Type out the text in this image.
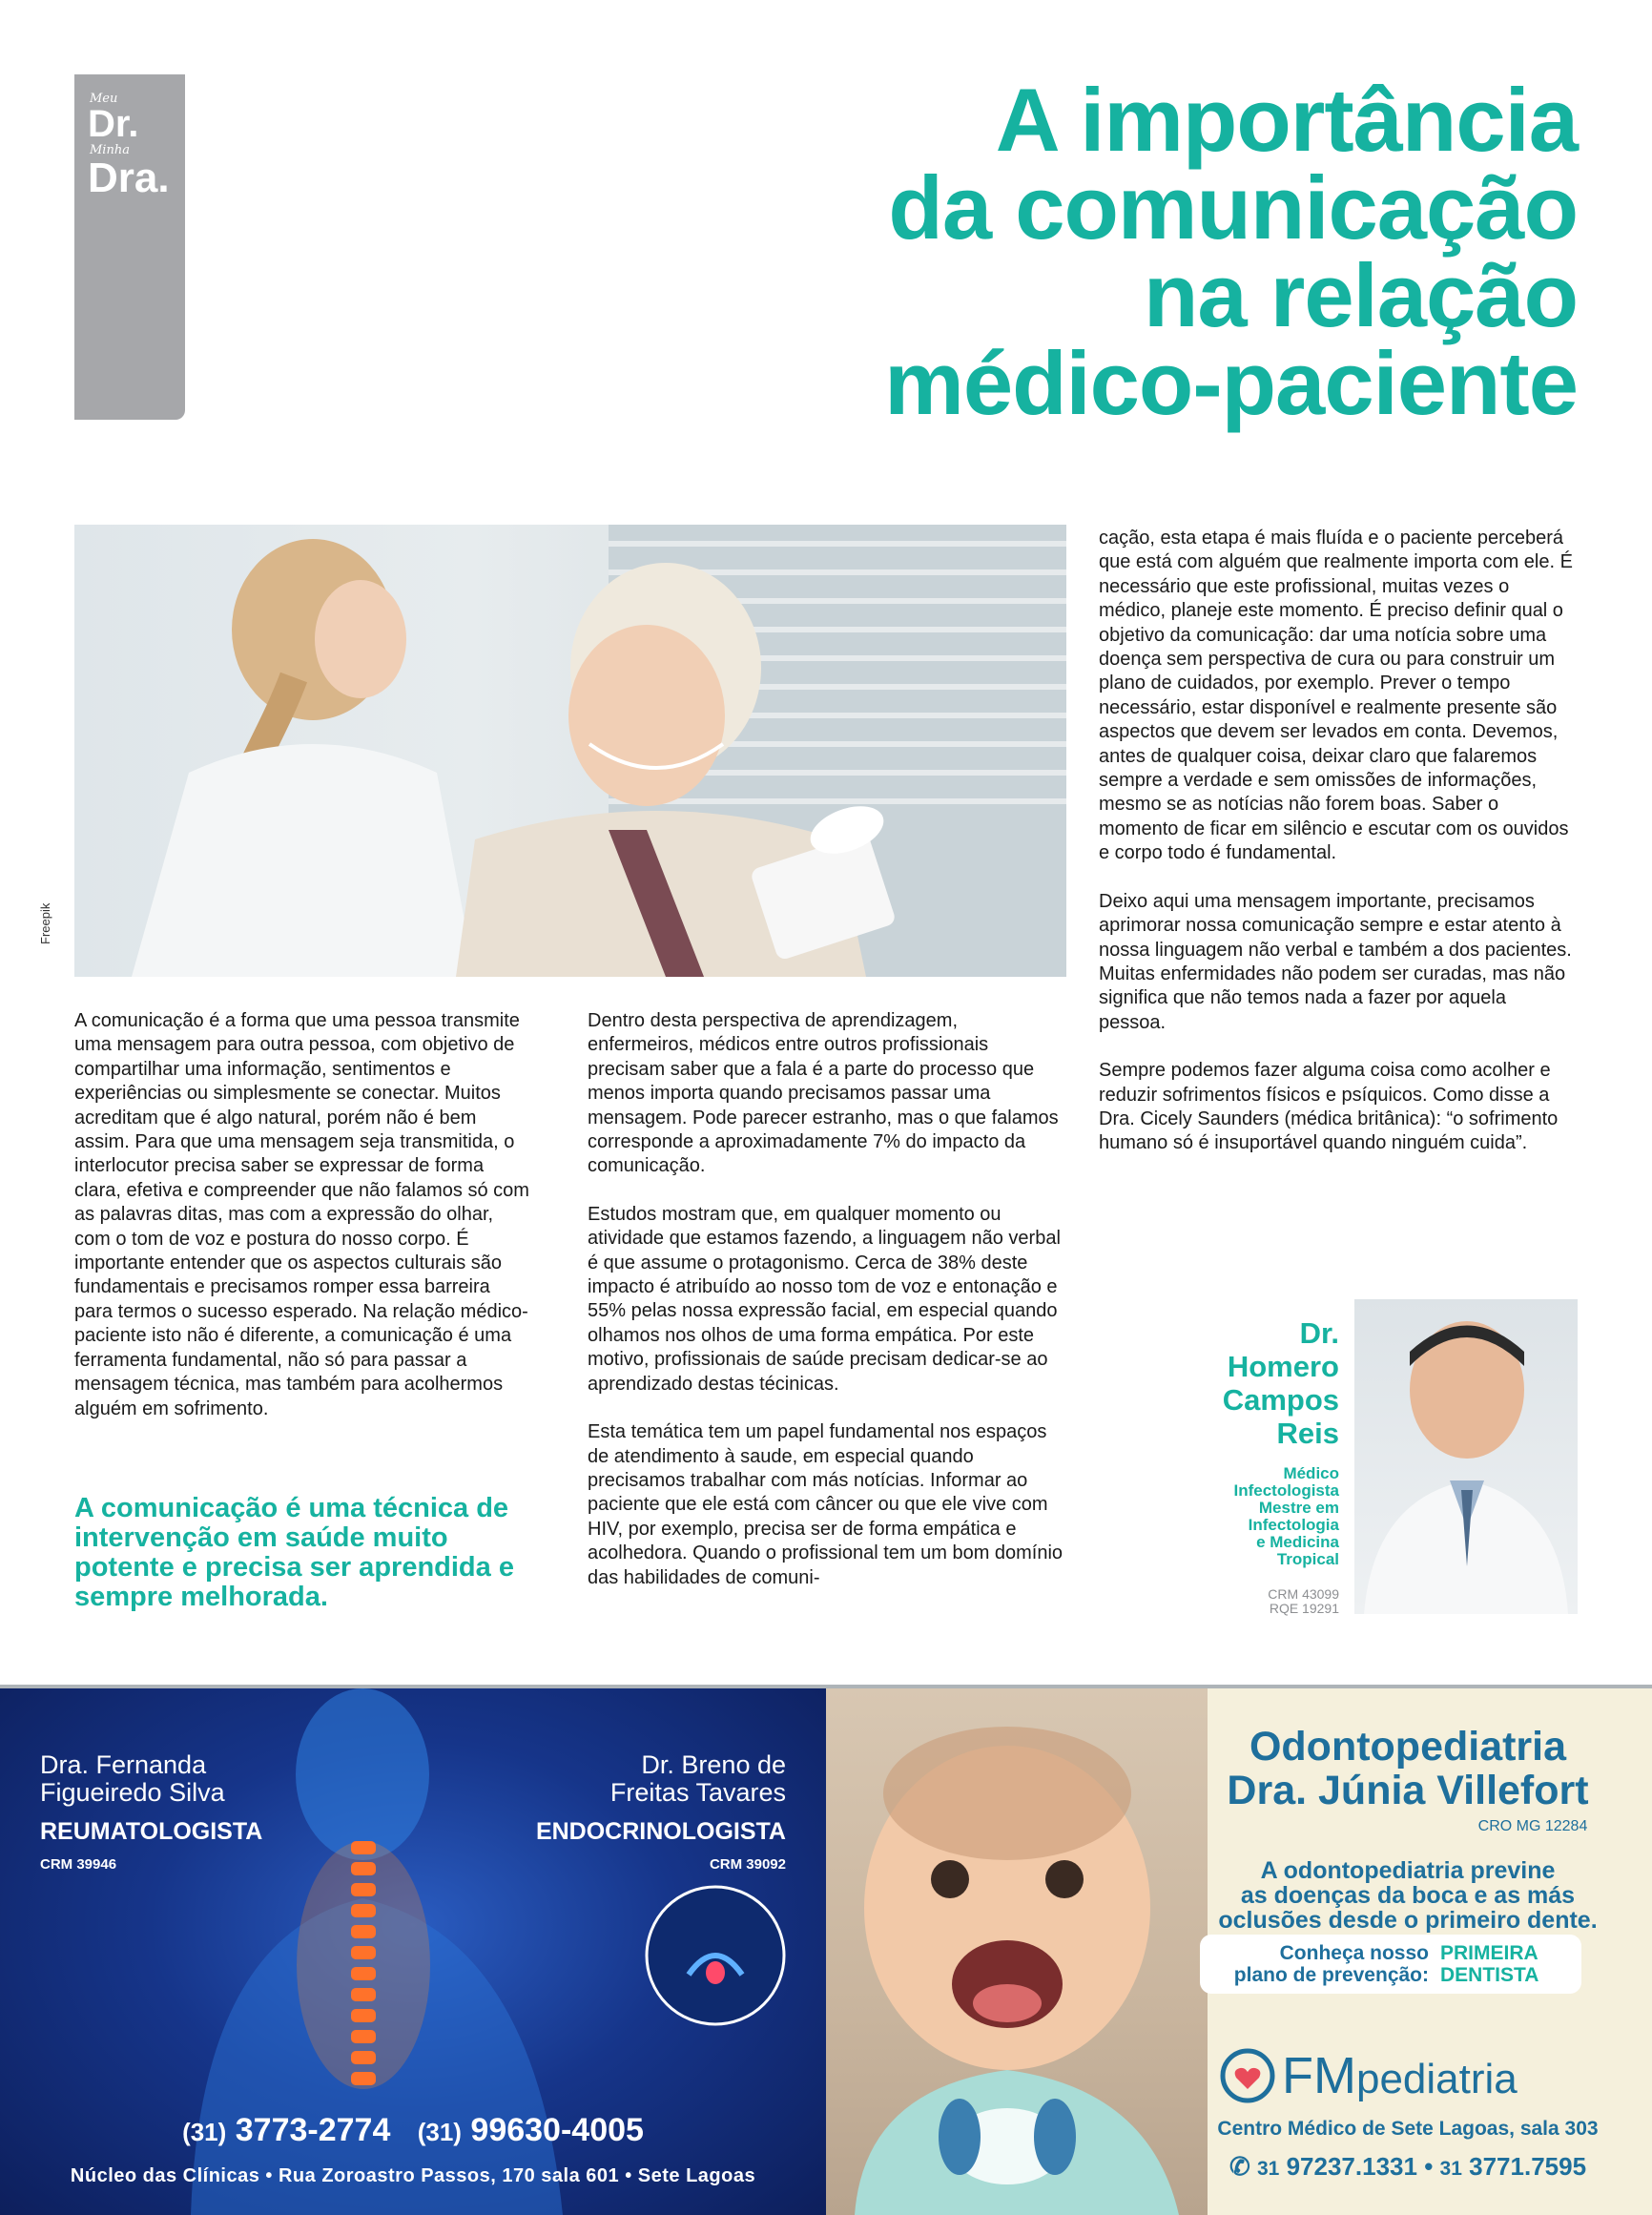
Meu
Dr.
Minha
Dra.
A importância
da comunicação
na relação
médico-paciente
Freepik

A comunicação é a forma que uma pessoa transmite uma mensagem para outra pessoa, com objetivo de compartilhar uma informação, sentimentos e experiências ou simplesmente se conectar. Muitos acreditam que é algo natural, porém não é bem assim. Para que uma mensagem seja transmitida, o interlocutor precisa saber se expressar de forma clara, efetiva e compreender que não falamos só com as palavras ditas, mas com a expressão do olhar, com o tom de voz e postura do nosso corpo. É importante entender que os aspectos culturais são fundamentais e precisamos romper essa barreira para termos o sucesso esperado. Na relação médico-paciente isto não é diferente, a comunicação é uma ferramenta fundamental, não só para passar a mensagem técnica, mas também para acolhermos alguém em sofrimento.

A comunicação é uma técnica de intervenção em saúde muito potente e precisa ser aprendida e sempre melhorada.

Dentro desta perspectiva de aprendizagem, enfermeiros, médicos entre outros profissionais precisam saber que a fala é a parte do processo que menos importa quando precisamos passar uma mensagem. Pode parecer estranho, mas o que falamos corresponde a aproximadamente 7% do impacto da comunicação.

Estudos mostram que, em qualquer momento ou atividade que estamos fazendo, a linguagem não verbal é que assume o protagonismo. Cerca de 38% deste impacto é atribuído ao nosso tom de voz e entonação e 55% pelas nossa expressão facial, em especial quando olhamos nos olhos de uma forma empática. Por este motivo, profissionais de saúde precisam dedicar-se ao aprendizado destas técinicas.

Esta temática tem um papel fundamental nos espaços de atendimento à saude, em especial quando precisamos trabalhar com más notícias. Informar ao paciente que ele está com câncer ou que ele vive com HIV, por exemplo, precisa ser de forma empática e acolhedora. Quando o profissional tem um bom domínio das habilidades de comuni-

cação, esta etapa é mais fluída e o paciente perceberá que está com alguém que realmente importa com ele. É necessário que este profissional, muitas vezes o médico, planeje este momento. É preciso definir qual o objetivo da comunicação: dar uma notícia sobre uma doença sem perspectiva de cura ou para construir um plano de cuidados, por exemplo. Prever o tempo necessário, estar disponível e realmente presente são aspectos que devem ser levados em conta. Devemos, antes de qualquer coisa, deixar claro que falaremos sempre a verdade e sem omissões de informações, mesmo se as notícias não forem boas. Saber o momento de ficar em silêncio e escutar com os ouvidos e corpo todo é fundamental.

Deixo aqui uma mensagem importante, precisamos aprimorar nossa comunicação sempre e estar atento à nossa linguagem não verbal e também a dos pacientes. Muitas enfermidades não podem ser curadas, mas não significa que não temos nada a fazer por aquela pessoa.

Sempre podemos fazer alguma coisa como acolher e reduzir sofrimentos físicos e psíquicos. Como disse a Dra. Cicely Saunders (médica britânica): “o sofrimento humano só é insuportável quando ninguém cuida”.

Dr.
Homero
Campos
Reis
Médico
Infectologista
Mestre em
Infectologia
e Medicina
Tropical
CRM 43099
RQE 19291
Dra. Fernanda
Figueiredo Silva
REUMATOLOGISTA
CRM 39946
Dr. Breno de
Freitas Tavares
ENDOCRINOLOGISTA
CRM 39092
(31) 3773-2774 (31) 99630-4005
Núcleo das Clínicas • Rua Zoroastro Passos, 170 sala 601 • Sete Lagoas
Odontopediatria
Dra. Júnia Villefort
CRO MG 12284
A odontopediatria previne
as doenças da boca e as más
oclusões desde o primeiro dente.
Conheça nosso
plano de prevenção:
PRIMEIRA
DENTISTA
FMpediatria
Centro Médico de Sete Lagoas, sala 303
✆ 31 97237.1331 • 31 3771.7595
